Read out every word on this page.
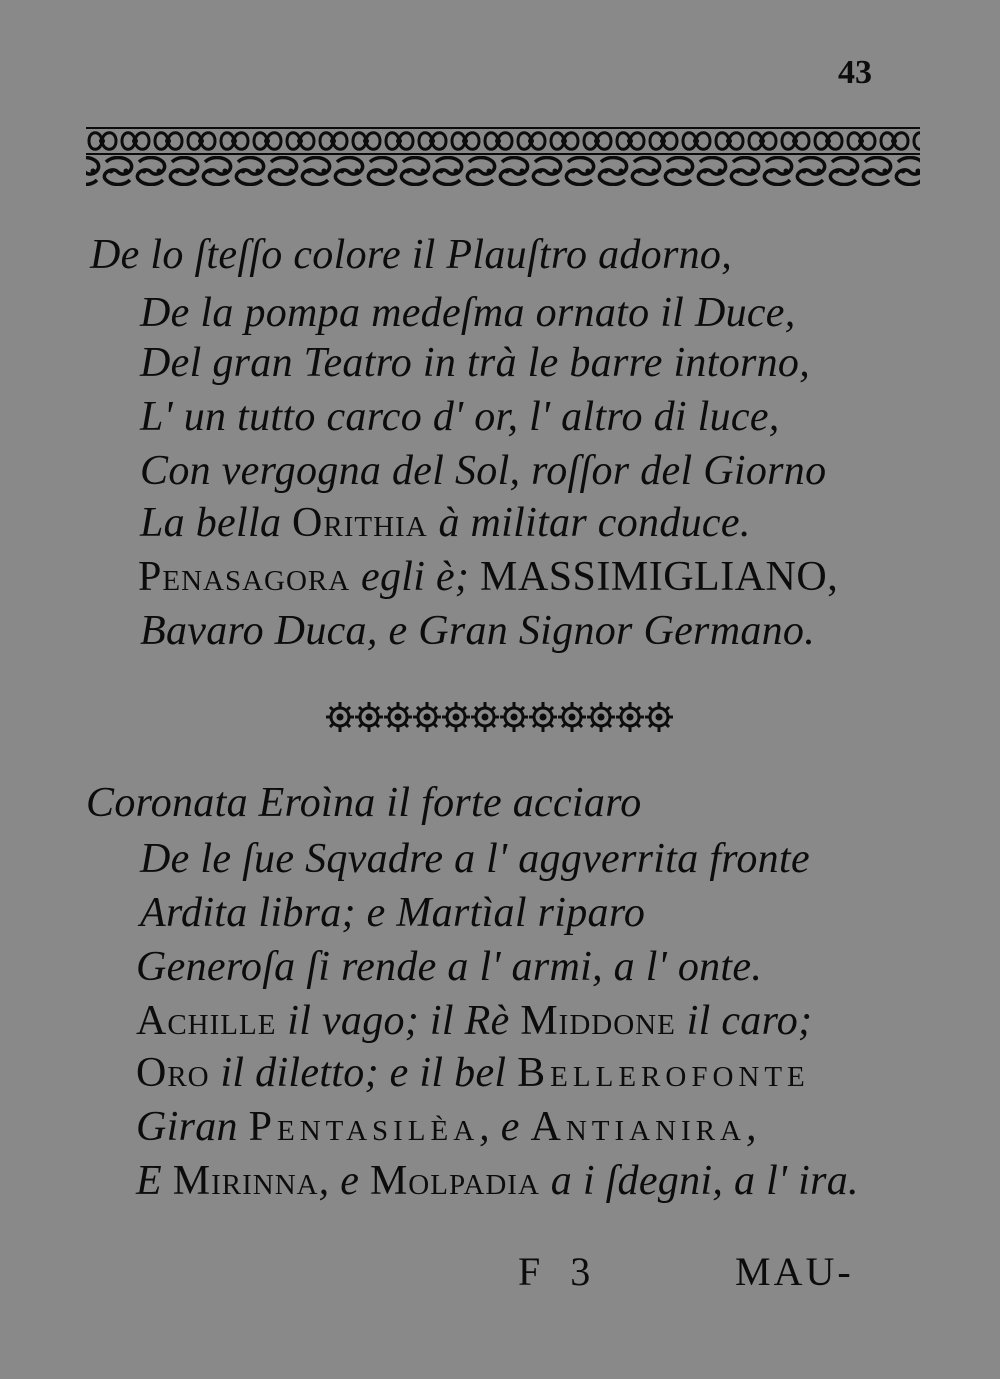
43
De lo ſteſſo colore il Plauſtro adorno,
De la pompa medeſma ornato il Duce,
Del gran Teatro in trà le barre intorno,
L' un tutto carco d' or, l' altro di luce,
Con vergogna del Sol, roſſor del Giorno
La bella Orithia à militar conduce.
Penasagora egli è; MASSIMIGLIANO,
Bavaro Duca, e Gran Signor Germano.
Coronata Eroìna il forte acciaro
De le ſue Sqvadre a l' aggverrita fronte
Ardita libra; e Martìal riparo
Generoſa ſi rende a l' armi, a l' onte.
Achille il vago; il Rè Middone il caro;
Oro il diletto; e il bel Bellerofonte
Giran Pentasilèa, e Antianira,
E Mirinna, e Molpadia a i ſdegni, a l' ira.
F 3	MAU-
